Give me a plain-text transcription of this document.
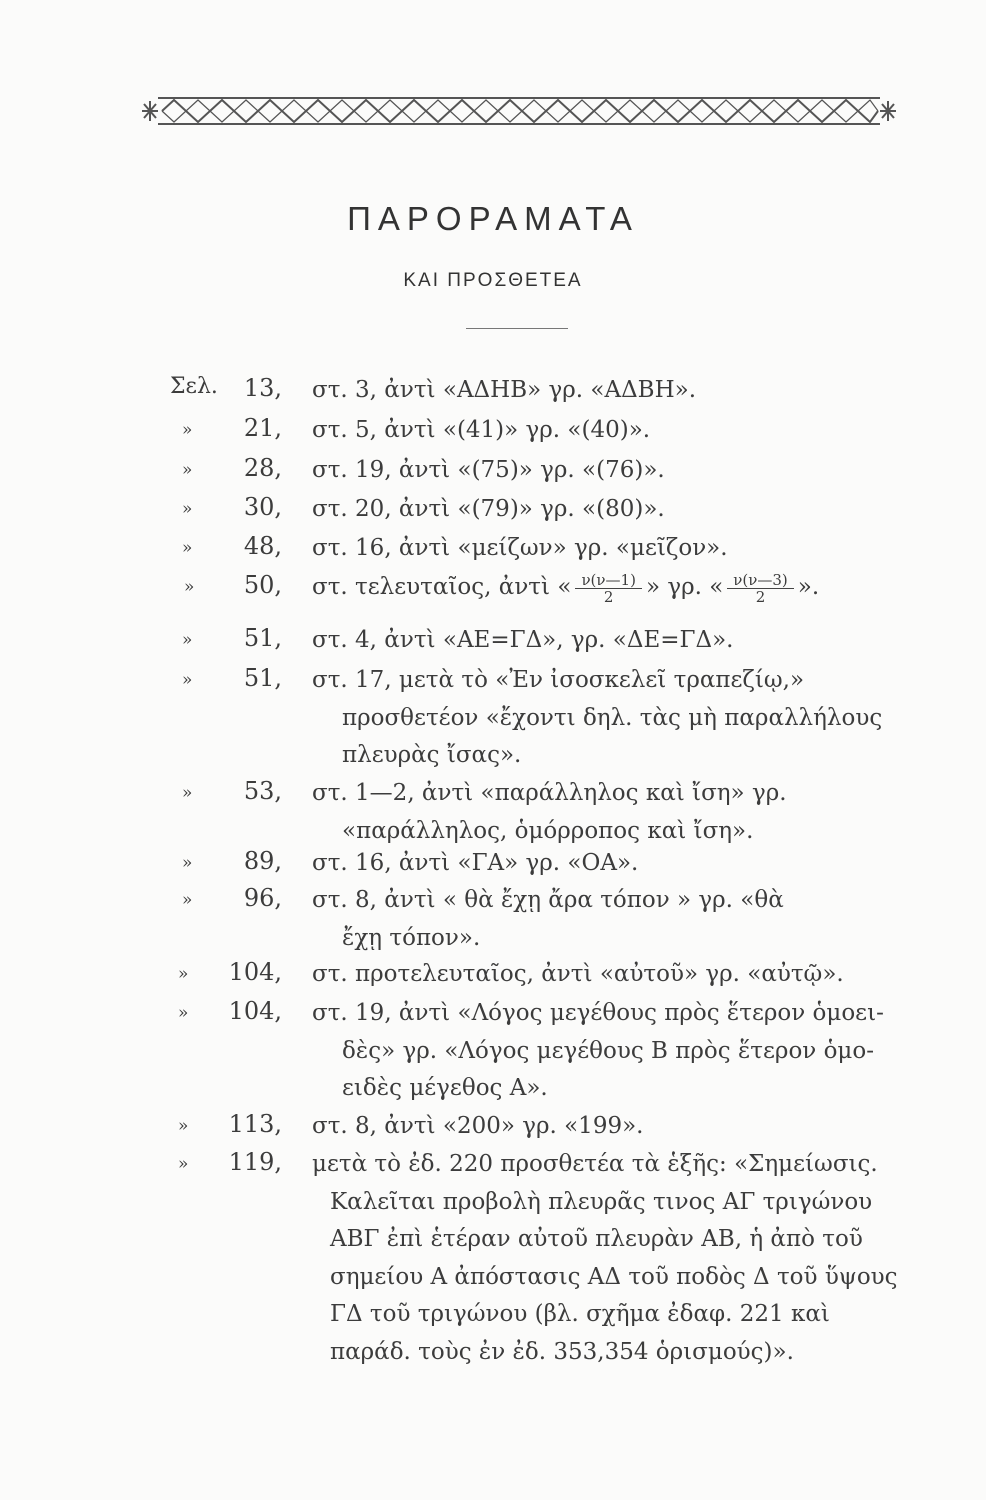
ΠΑΡΟΡΑΜΑΤΑ
ΚΑΙ ΠΡΟΣΘΕΤΕΑ
Σελ.	13, στ. 3, ἀντὶ «ΑΔΗΒ» γρ. «ΑΔΒΗ».
»	21, στ. 5, ἀντὶ «(41)» γρ. «(40)».
»	28, στ. 19, ἀντὶ «(75)» γρ. «(76)».
»	30, στ. 20, ἀντὶ «(79)» γρ. «(80)».
»	48, στ. 16, ἀντὶ «μείζων» γρ. «μεῖζον».
»	50, στ. τελευταῖος, ἀντὶ « $\frac{\nu(\nu—1)}{2}$ » γρ. « $\frac{\nu(\nu—3)}{2}$ ».
»	51, στ. 4, ἀντὶ «ΑΕ=ΓΔ», γρ. «ΔΕ=ΓΔ».
»	51, στ. 17, μετὰ τὸ «Ἐν ἰσοσκελεῖ τραπεζίῳ,»
προσθετέον «ἔχοντι δηλ. τὰς μὴ παραλλήλους
πλευρὰς ἴσας».
»	53, στ. 1—2, ἀντὶ «παράλληλος καὶ ἴση» γρ.
«παράλληλος, ὁμόρροπος καὶ ἴση».
»	89, στ. 16, ἀντὶ «ΓΑ» γρ. «ΟΑ».
»	96, στ. 8, ἀντὶ « θὰ ἔχῃ ἄρα τόπον » γρ. «θὰ
ἔχῃ τόπον».
»	104, στ. προτελευταῖος, ἀντὶ «αὐτοῦ» γρ. «αὐτῷ».
»	104, στ. 19, ἀντὶ «Λόγος μεγέθους πρὸς ἕτερον ὁμοει-
δὲς» γρ. «Λόγος μεγέθους Β πρὸς ἕτερον ὁμο-
ειδὲς μέγεθος Α».
»	113, στ. 8, ἀντὶ «200» γρ. «199».
»	119, μετὰ τὸ ἐδ. 220 προσθετέα τὰ ἑξῆς: «Σημείωσις.
Καλεῖται προβολὴ πλευρᾶς τινος ΑΓ τριγώνου
ΑΒΓ ἐπὶ ἑτέραν αὐτοῦ πλευρὰν ΑΒ, ἡ ἀπὸ τοῦ
σημείου Α ἀπόστασις ΑΔ τοῦ ποδὸς Δ τοῦ ὕψους
ΓΔ τοῦ τριγώνου (βλ. σχῆμα ἐδαφ. 221 καὶ
παράδ. τοὺς ἐν ἐδ. 353,354 ὁρισμούς)».
